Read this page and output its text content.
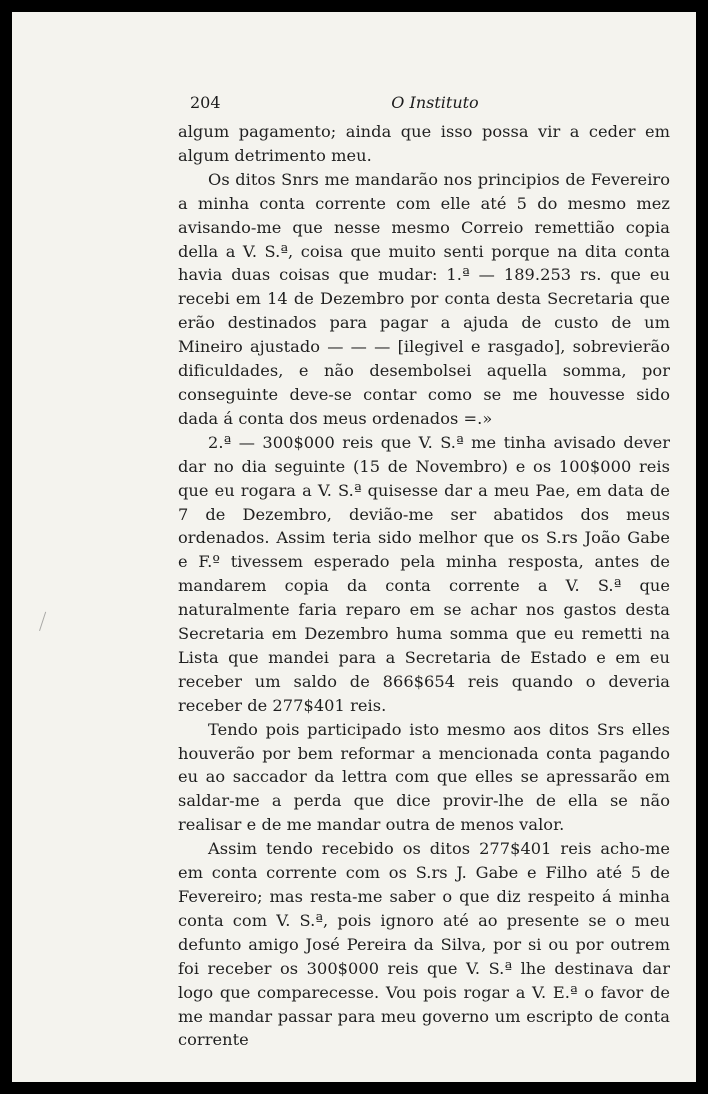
204	O Instituto

algum pagamento; ainda que isso possa vir a ceder em algum detrimento meu.

Os ditos Snrs me mandarão nos principios de Fevereiro a minha conta corrente com elle até 5 do mesmo mez avisando-me que nesse mesmo Correio remettião copia della a V. S.ª, coisa que muito senti porque na dita conta havia duas coisas que mudar: 1.ª — 189.253 rs. que eu recebi em 14 de Dezembro por conta desta Secretaria que erão destinados para pagar a ajuda de custo de um Mineiro ajustado — — — [ilegivel e rasgado], sobrevierão dificuldades, e não desembolsei aquella somma, por conseguinte deve-se contar como se me houvesse sido dada á conta dos meus ordenados =.»

2.ª — 300$000 reis que V. S.ª me tinha avisado dever dar no dia seguinte (15 de Novembro) e os 100$000 reis que eu rogara a V. S.ª quisesse dar a meu Pae, em data de 7 de Dezembro, devião-me ser abatidos dos meus ordenados. Assim teria sido melhor que os S.rs João Gabe e F.º tivessem esperado pela minha resposta, antes de mandarem copia da conta corrente a V. S.ª que naturalmente faria reparo em se achar nos gastos desta Secretaria em Dezembro huma somma que eu remetti na Lista que mandei para a Secretaria de Estado e em eu receber um saldo de 866$654 reis quando o deveria receber de 277$401 reis.

Tendo pois participado isto mesmo aos ditos Srs elles houverão por bem reformar a mencionada conta pagando eu ao saccador da lettra com que elles se apressarão em saldar-me a perda que dice provir-lhe de ella se não realisar e de me mandar outra de menos valor.

Assim tendo recebido os ditos 277$401 reis acho-me em conta corrente com os S.rs J. Gabe e Filho até 5 de Fevereiro; mas resta-me saber o que diz respeito á minha conta com V. S.ª, pois ignoro até ao presente se o meu defunto amigo José Pereira da Silva, por si ou por outrem foi receber os 300$000 reis que V. S.ª lhe destinava dar logo que comparecesse. Vou pois rogar a V. E.ª o favor de me mandar passar para meu governo um escripto de conta corrente
